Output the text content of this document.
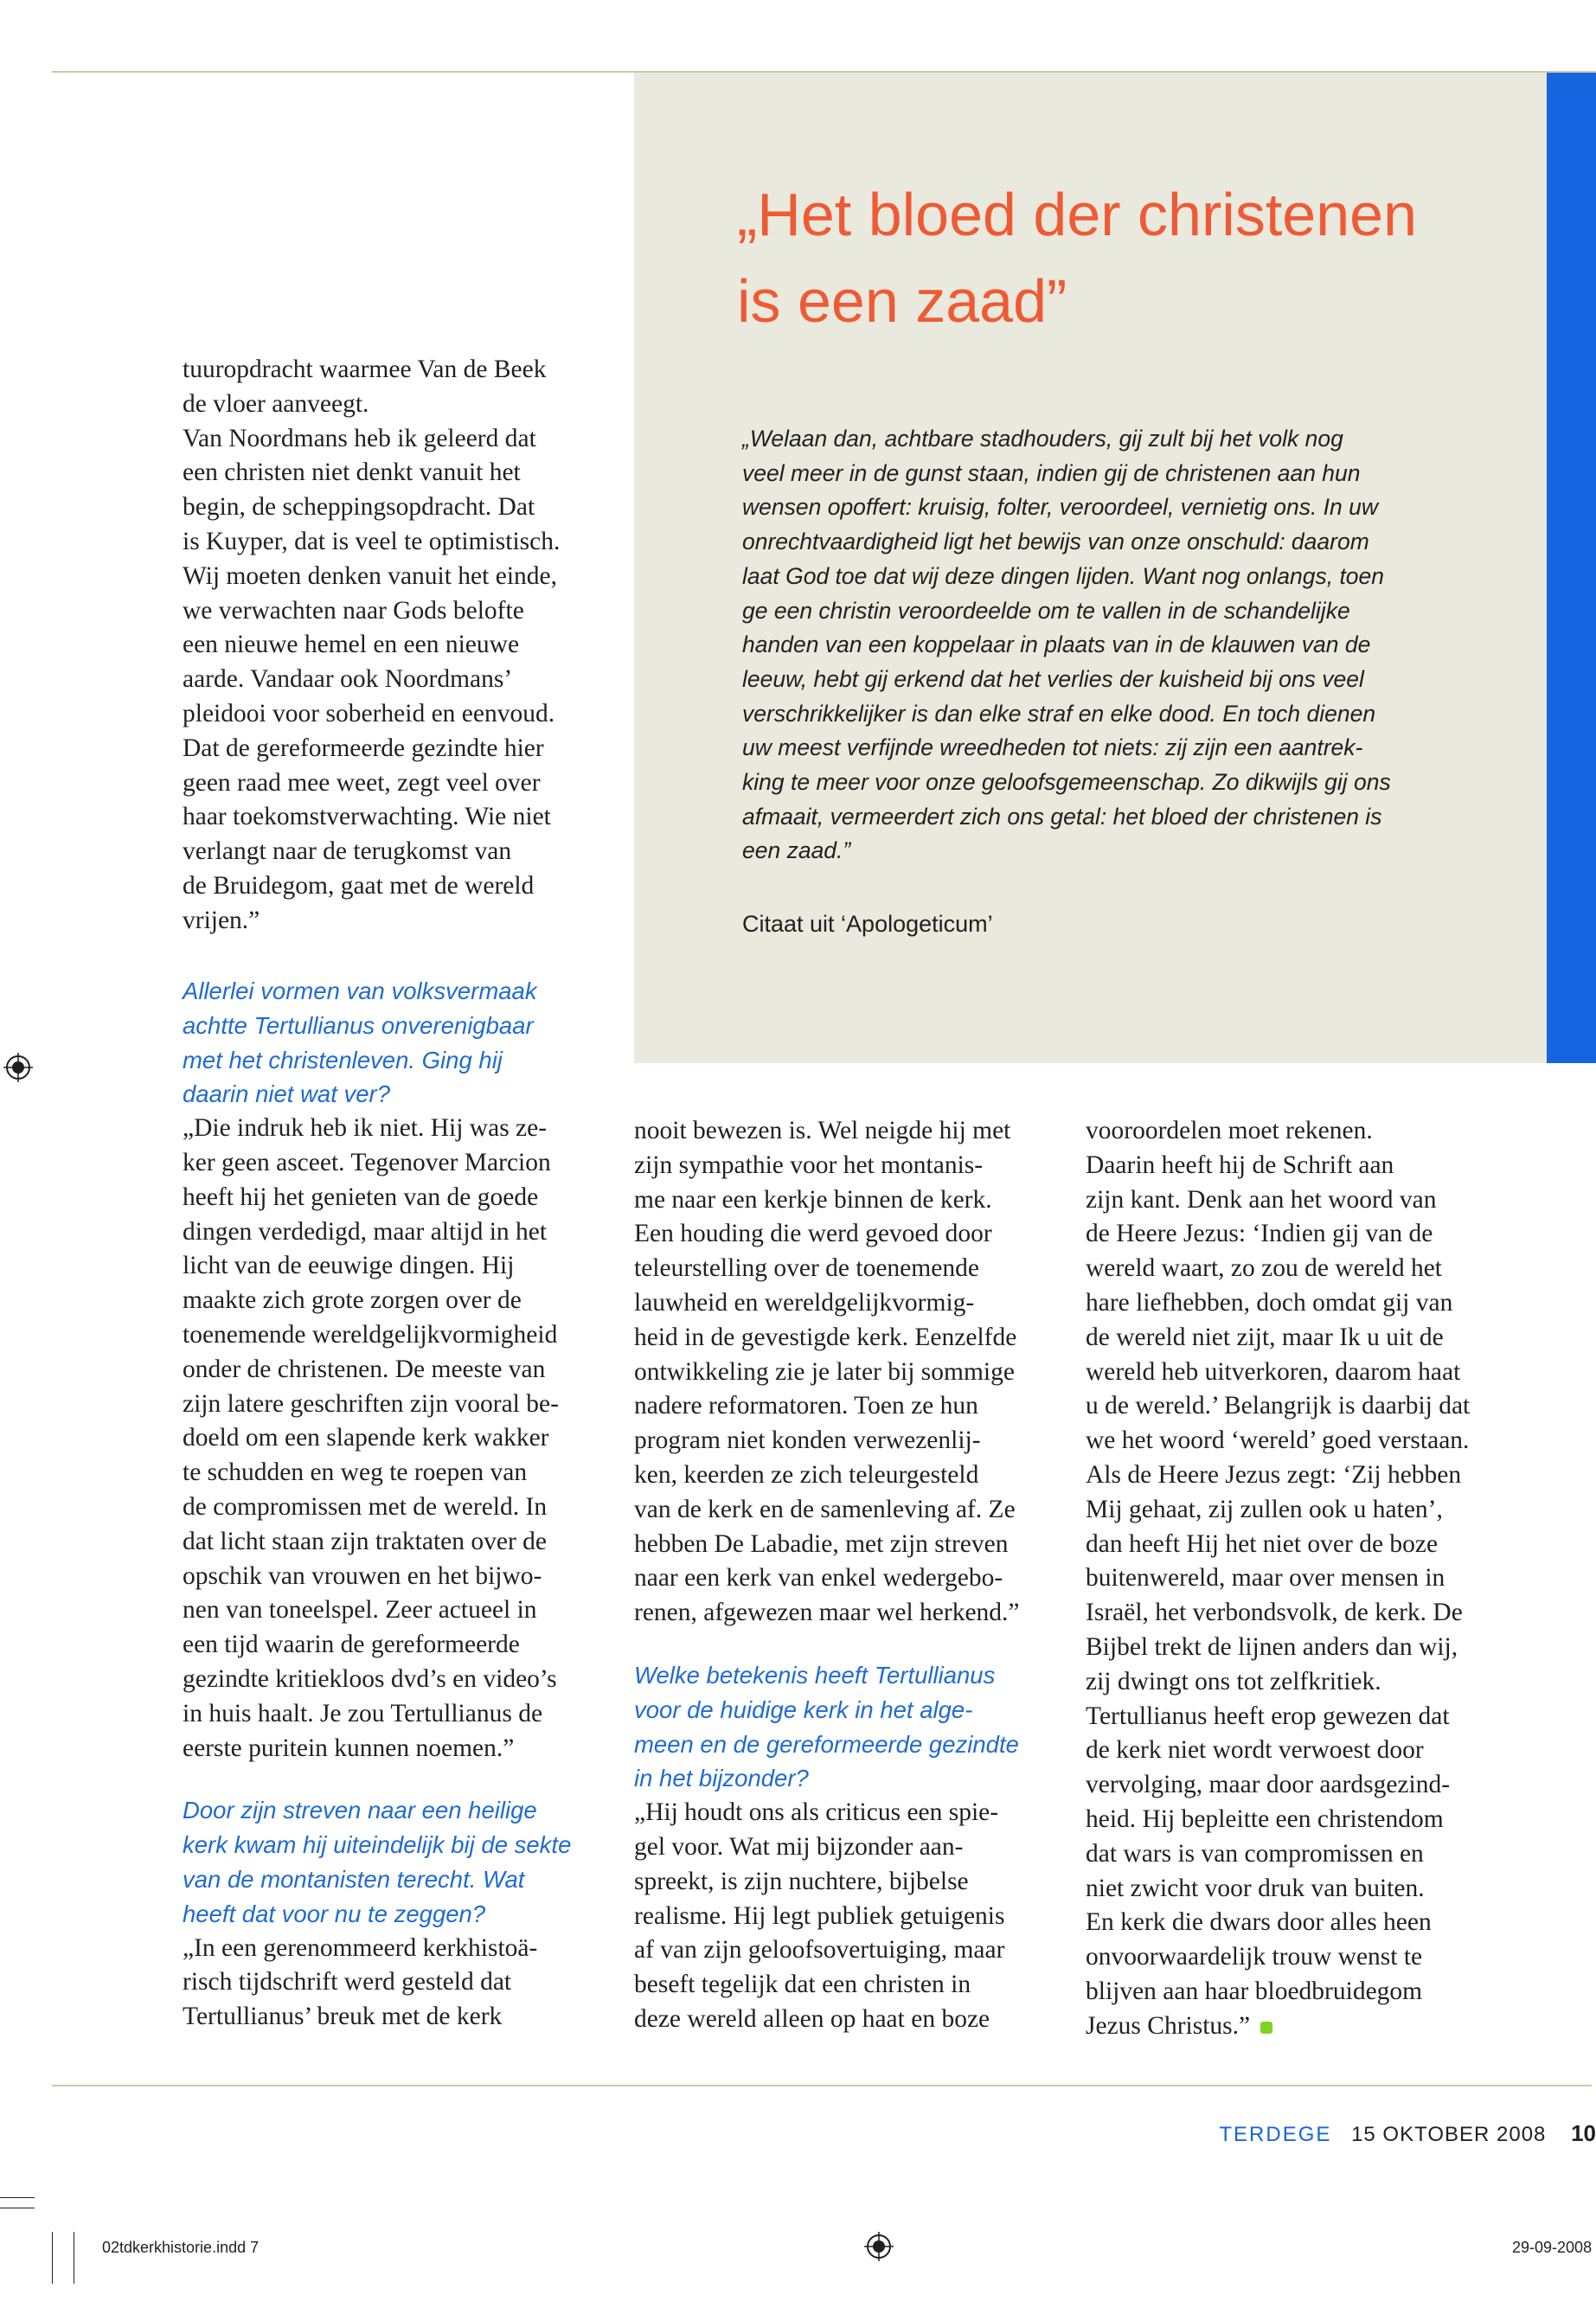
„Het bloed der christenen
is een zaad”
„Welaan dan, achtbare stadhouders, gij zult bij het volk nog
veel meer in de gunst staan, indien gij de christenen aan hun
wensen opoffert: kruisig, folter, veroordeel, vernietig ons. In uw
onrechtvaardigheid ligt het bewijs van onze onschuld: daarom
laat God toe dat wij deze dingen lijden. Want nog onlangs, toen
ge een christin veroordeelde om te vallen in de schandelijke
handen van een koppelaar in plaats van in de klauwen van de
leeuw, hebt gij erkend dat het verlies der kuisheid bij ons veel
verschrikkelijker is dan elke straf en elke dood. En toch dienen
uw meest verfijnde wreedheden tot niets: zij zijn een aantrek-
king te meer voor onze geloofsgemeenschap. Zo dikwijls gij ons
afmaait, vermeerdert zich ons getal: het bloed der christenen is
een zaad.”
Citaat uit ‘Apologeticum’
tuuropdracht waarmee Van de Beek
de vloer aanveegt.
Van Noordmans heb ik geleerd dat
een christen niet denkt vanuit het
begin, de scheppingsopdracht. Dat
is Kuyper, dat is veel te optimistisch.
Wij moeten denken vanuit het einde,
we verwachten naar Gods belofte
een nieuwe hemel en een nieuwe
aarde. Vandaar ook Noordmans’
pleidooi voor soberheid en eenvoud.
Dat de gereformeerde gezindte hier
geen raad mee weet, zegt veel over
haar toekomstverwachting. Wie niet
verlangt naar de terugkomst van
de Bruidegom, gaat met de wereld
vrijen.”
Allerlei vormen van volksvermaak
achtte Tertullianus onverenigbaar
met het christenleven. Ging hij
daarin niet wat ver?
„Die indruk heb ik niet. Hij was ze-
ker geen asceet. Tegenover Marcion
heeft hij het genieten van de goede
dingen verdedigd, maar altijd in het
licht van de eeuwige dingen. Hij
maakte zich grote zorgen over de
toenemende wereldgelijkvormigheid
onder de christenen. De meeste van
zijn latere geschriften zijn vooral be-
doeld om een slapende kerk wakker
te schudden en weg te roepen van
de compromissen met de wereld. In
dat licht staan zijn traktaten over de
opschik van vrouwen en het bijwo-
nen van toneelspel. Zeer actueel in
een tijd waarin de gereformeerde
gezindte kritiekloos dvd’s en video’s
in huis haalt. Je zou Tertullianus de
eerste puritein kunnen noemen.”
Door zijn streven naar een heilige
kerk kwam hij uiteindelijk bij de sekte
van de montanisten terecht. Wat
heeft dat voor nu te zeggen?
„In een gerenommeerd kerkhistoä-
risch tijdschrift werd gesteld dat
Tertullianus’ breuk met de kerk
nooit bewezen is. Wel neigde hij met
zijn sympathie voor het montanis-
me naar een kerkje binnen de kerk.
Een houding die werd gevoed door
teleurstelling over de toenemende
lauwheid en wereldgelijkvormig-
heid in de gevestigde kerk. Eenzelfde
ontwikkeling zie je later bij sommige
nadere reformatoren. Toen ze hun
program niet konden verwezenlij-
ken, keerden ze zich teleurgesteld
van de kerk en de samenleving af. Ze
hebben De Labadie, met zijn streven
naar een kerk van enkel wedergebo-
renen, afgewezen maar wel herkend.”
Welke betekenis heeft Tertullianus
voor de huidige kerk in het alge-
meen en de gereformeerde gezindte
in het bijzonder?
„Hij houdt ons als criticus een spie-
gel voor. Wat mij bijzonder aan-
spreekt, is zijn nuchtere, bijbelse
realisme. Hij legt publiek getuigenis
af van zijn geloofsovertuiging, maar
beseft tegelijk dat een christen in
deze wereld alleen op haat en boze
vooroordelen moet rekenen.
Daarin heeft hij de Schrift aan
zijn kant. Denk aan het woord van
de Heere Jezus: ‘Indien gij van de
wereld waart, zo zou de wereld het
hare liefhebben, doch omdat gij van
de wereld niet zijt, maar Ik u uit de
wereld heb uitverkoren, daarom haat
u de wereld.’ Belangrijk is daarbij dat
we het woord ‘wereld’ goed verstaan.
Als de Heere Jezus zegt: ‘Zij hebben
Mij gehaat, zij zullen ook u haten’,
dan heeft Hij het niet over de boze
buitenwereld, maar over mensen in
Israël, het verbondsvolk, de kerk. De
Bijbel trekt de lijnen anders dan wij,
zij dwingt ons tot zelfkritiek.
Tertullianus heeft erop gewezen dat
de kerk niet wordt verwoest door
vervolging, maar door aardsgezind-
heid. Hij bepleitte een christendom
dat wars is van compromissen en
niet zwicht voor druk van buiten.
En kerk die dwars door alles heen
onvoorwaardelijk trouw wenst te
blijven aan haar bloedbruidegom
Jezus Christus.”
TERDEGE 15 OKTOBER 2008 10
02tdkerkhistorie.indd 7	29-09-2008
